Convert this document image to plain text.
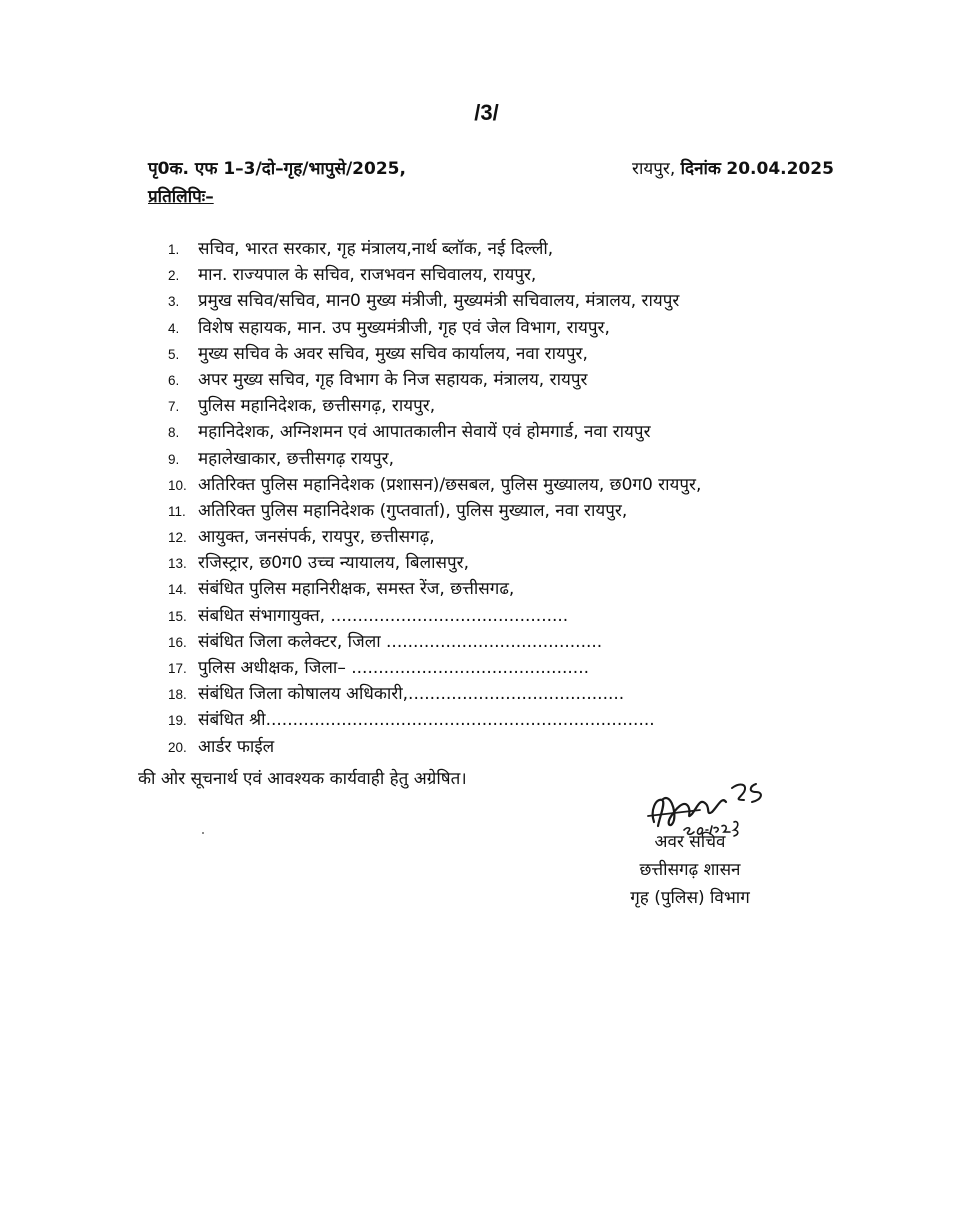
/3/
पृ0क. एफ 1–3/दो–गृह/भापुसे/2025,	रायपुर, दिनांक 20.04.2025
प्रतिलिपिः–
1. सचिव, भारत सरकार, गृह मंत्रालय,नार्थ ब्लॉक, नई दिल्ली,
2. मान. राज्यपाल के सचिव, राजभवन सचिवालय, रायपुर,
3. प्रमुख सचिव/सचिव, मान0 मुख्य मंत्रीजी, मुख्यमंत्री सचिवालय, मंत्रालय, रायपुर
4. विशेष सहायक, मान. उप मुख्यमंत्रीजी, गृह एवं जेल विभाग, रायपुर,
5. मुख्य सचिव के अवर सचिव, मुख्य सचिव कार्यालय, नवा रायपुर,
6. अपर मुख्य सचिव, गृह विभाग के निज सहायक, मंत्रालय, रायपुर
7. पुलिस महानिदेशक, छत्तीसगढ़, रायपुर,
8. महानिदेशक, अग्निशमन एवं आपातकालीन सेवायें एवं होमगार्ड, नवा रायपुर
9. महालेखाकार, छत्तीसगढ़ रायपुर,
10. अतिरिक्त पुलिस महानिदेशक (प्रशासन)/छसबल, पुलिस मुख्यालय, छ0ग0 रायपुर,
11. अतिरिक्त पुलिस महानिदेशक (गुप्तवार्ता), पुलिस मुख्याल, नवा रायपुर,
12. आयुक्त, जनसंपर्क, रायपुर, छत्तीसगढ़,
13. रजिस्ट्रार, छ0ग0 उच्च न्यायालय, बिलासपुर,
14. संबंधित पुलिस महानिरीक्षक, समस्त रेंज, छत्तीसगढ,
15. संबधित संभागायुक्त, ............................................
16. संबंधित जिला कलेक्टर, जिला ........................................
17. पुलिस अधीक्षक, जिला– ............................................
18. संबंधित जिला कोषालय अधिकारी,........................................
19. संबंधित श्री........................................................................
20. आर्डर फाईल
की ओर सूचनार्थ एवं आवश्यक कार्यवाही हेतु अग्रेषित।
अवर सचिव
छत्तीसगढ़ शासन
गृह (पुलिस) विभाग
